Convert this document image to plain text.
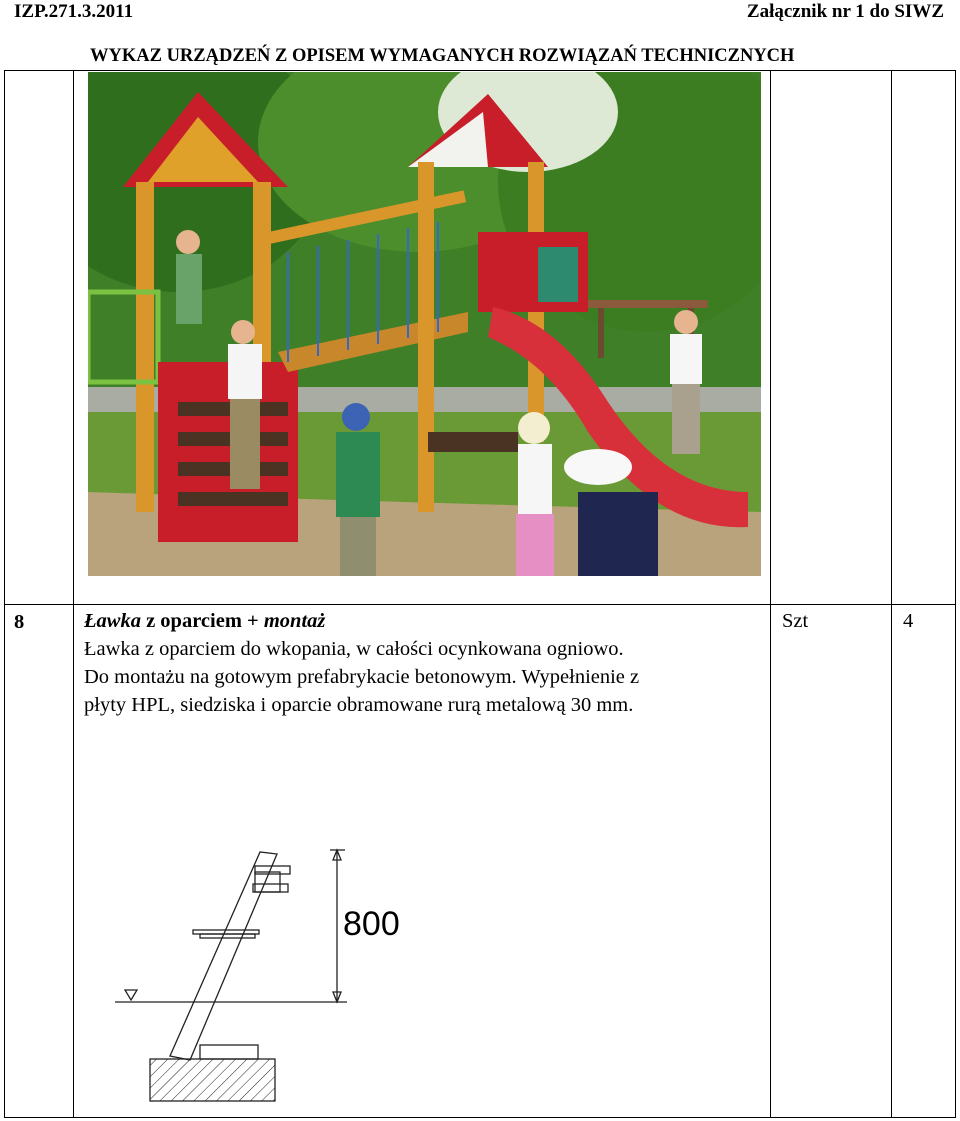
IZP.271.3.2011	Załącznik nr 1 do SIWZ
WYKAZ URZĄDZEŃ Z OPISEM WYMAGANYCH ROZWIĄZAŃ TECHNICZNYCH
8	Ławka z oparciem + montaż
Ławka z oparciem do wkopania, w całości ocynkowana ogniowo.
Do montażu na gotowym prefabrykacie betonowym. Wypełnienie z
płyty HPL, siedziska i oparcie obramowane rurą metalową 30 mm.
Szt	4
800
